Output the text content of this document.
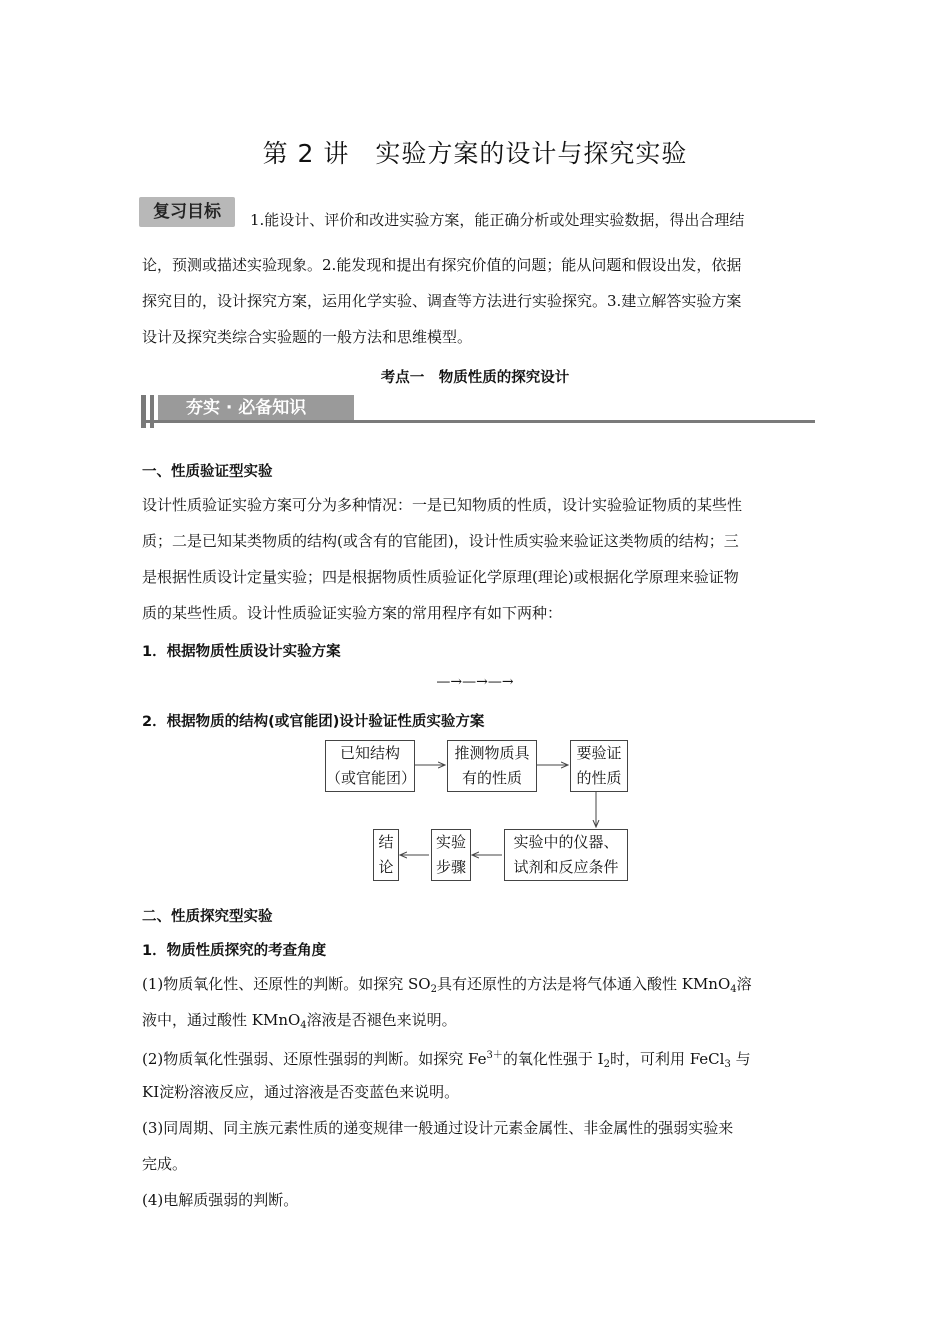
第 2 讲　实验方案的设计与探究实验
复习目标	1.能设计、评价和改进实验方案，能正确分析或处理实验数据，得出合理结
论，预测或描述实验现象。2.能发现和提出有探究价值的问题；能从问题和假设出发，依据
探究目的，设计探究方案，运用化学实验、调查等方法进行实验探究。3.建立解答实验方案
设计及探究类综合实验题的一般方法和思维模型。
考点一　物质性质的探究设计
夯实 · 必备知识
一、性质验证型实验
设计性质验证实验方案可分为多种情况：一是已知物质的性质，设计实验验证物质的某些性
质；二是已知某类物质的结构(或含有的官能团)，设计性质实验来验证这类物质的结构；三
是根据性质设计定量实验；四是根据物质性质验证化学原理(理论)或根据化学原理来验证物
质的某些性质。设计性质验证实验方案的常用程序有如下两种：
1．根据物质性质设计实验方案
—→—→—→
2．根据物质的结构(或官能团)设计验证性质实验方案
已知结构
（或官能团）
推测物质具
有的性质
要验证
的性质
实验中的仪器、
试剂和反应条件
实验
步骤
结
论
二、性质探究型实验
1．物质性质探究的考查角度
(1)物质氧化性、还原性的判断。如探究 $SO_2$具有还原性的方法是将气体通入酸性 KMnO$_4$溶
液中，通过酸性 KMnO$_4$溶液是否褪色来说明。
(2)物质氧化性强弱、还原性强弱的判断。如探究 $Fe^{3+}$的氧化性强于 $I_2$时，可利用 FeCl$_3$ 与
KI淀粉溶液反应，通过溶液是否变蓝色来说明。
(3)同周期、同主族元素性质的递变规律一般通过设计元素金属性、非金属性的强弱实验来
完成。
(4)电解质强弱的判断。
